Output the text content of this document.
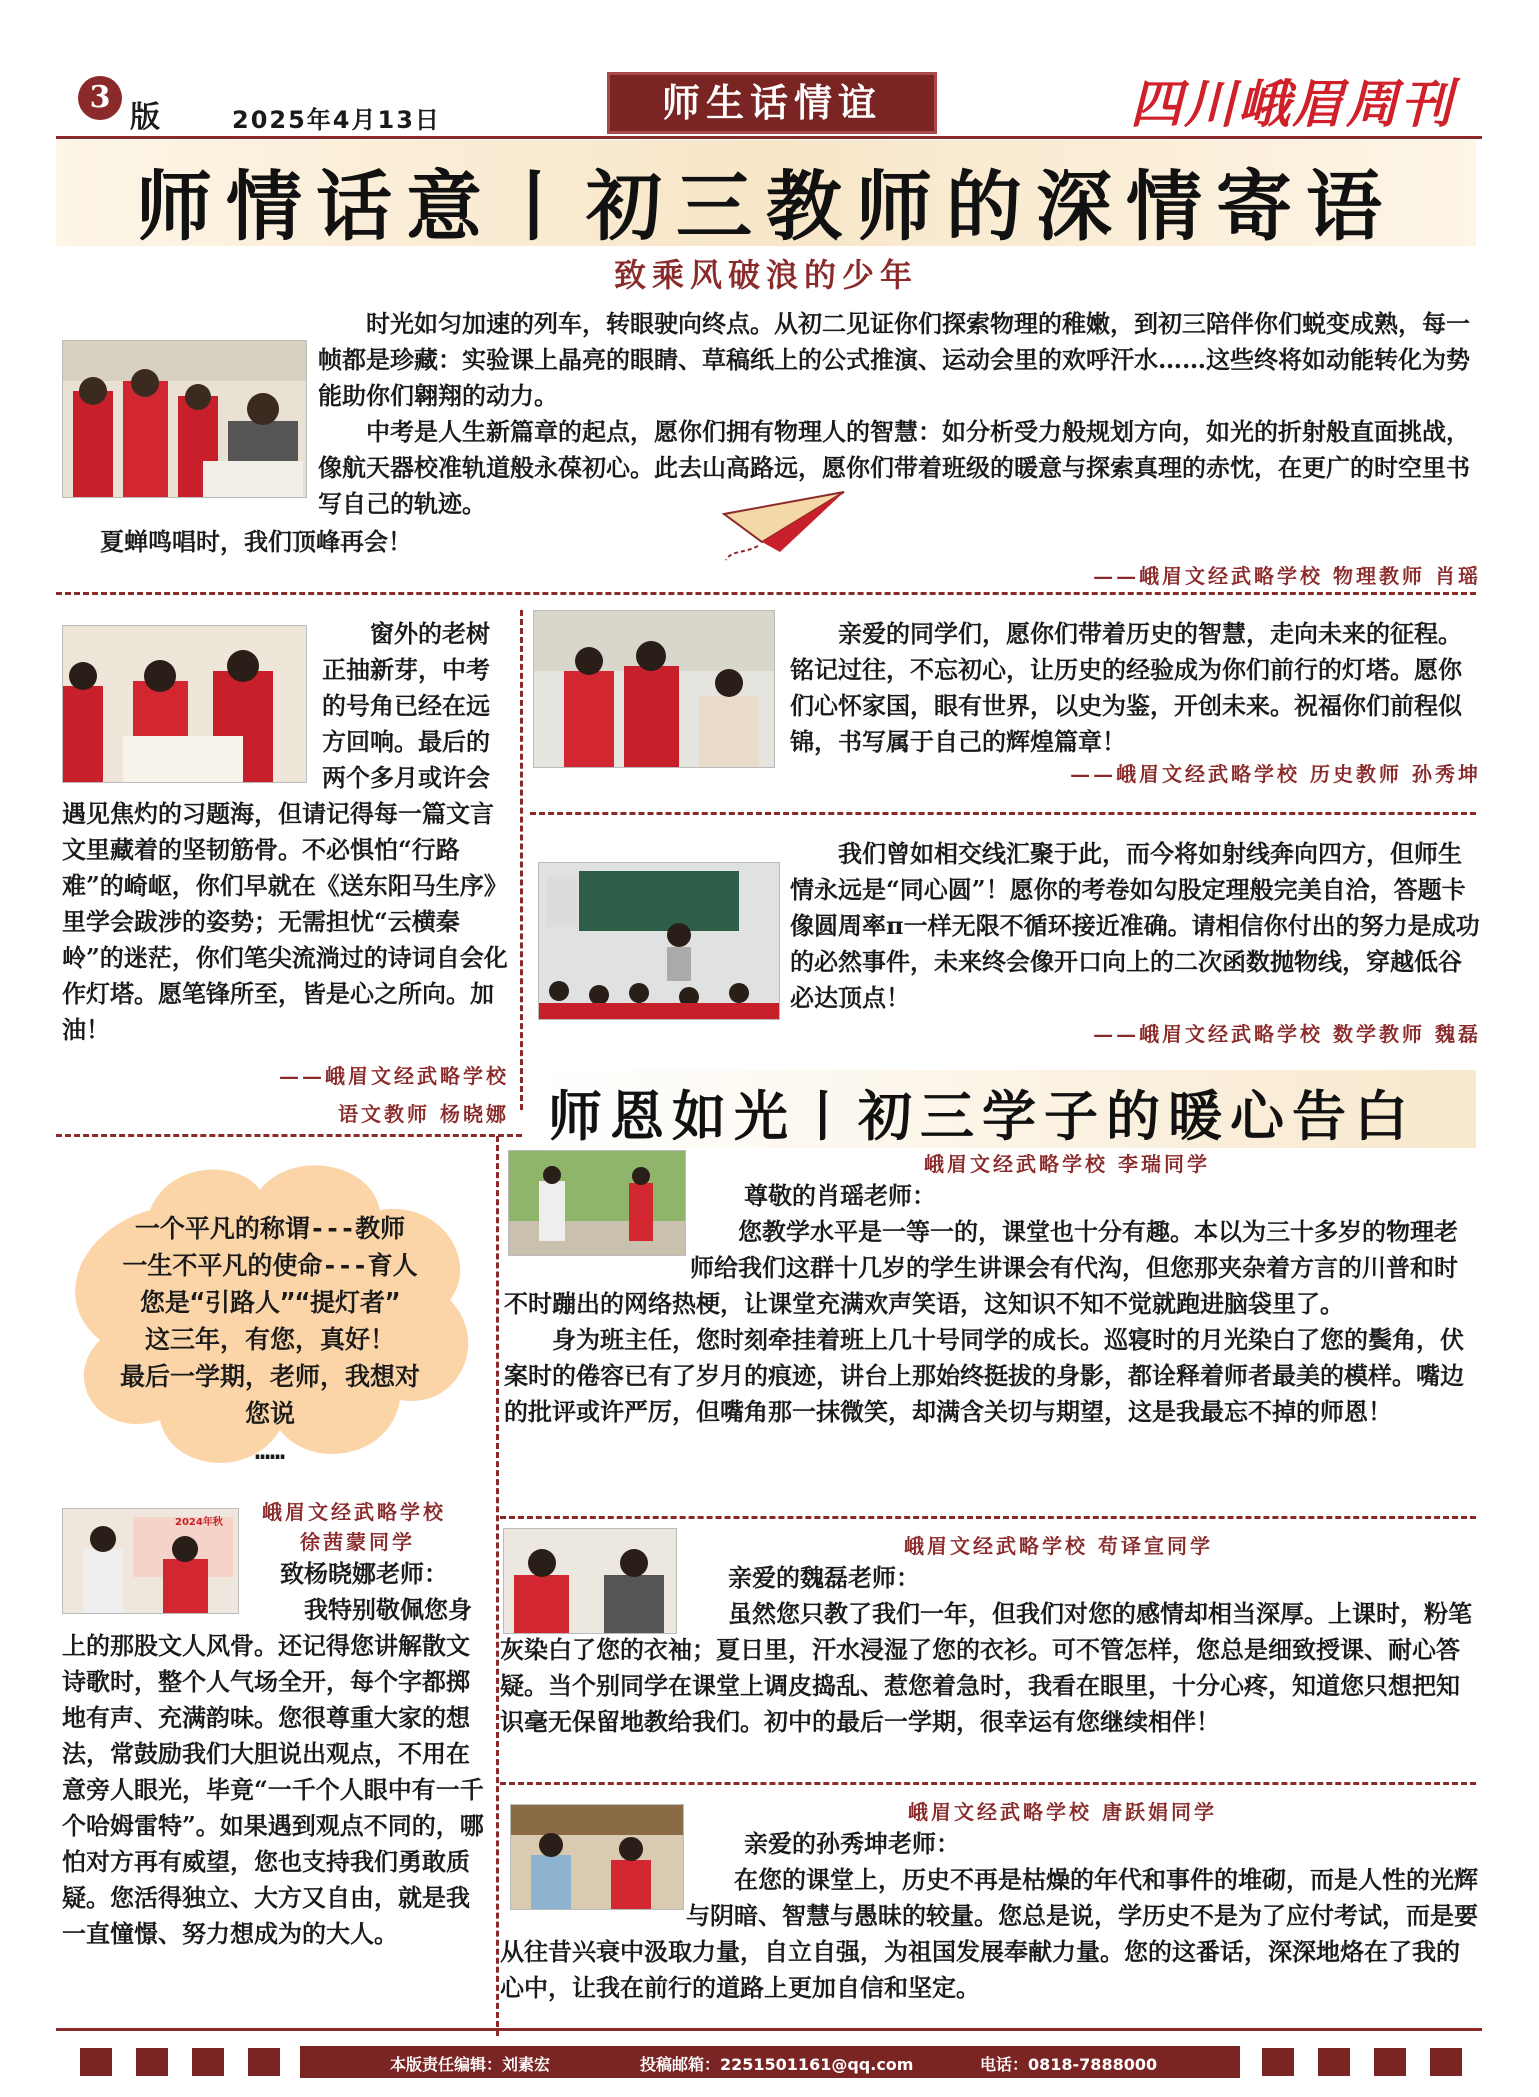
3
版	2025年4月13日	师生话情谊	四川峨眉周刊
师情话意丨初三教师的深情寄语
致乘风破浪的少年

时光如匀加速的列车，转眼驶向终点。从初二见证你们探索物理的稚嫩，到初三陪伴你们蜕变成熟，每一帧都是珍藏：实验课上晶亮的眼睛、草稿纸上的公式推演、运动会里的欢呼汗水……这些终将如动能转化为势能助你们翱翔的动力。

中考是人生新篇章的起点，愿你们拥有物理人的智慧：如分析受力般规划方向，如光的折射般直面挑战，像航天器校准轨道般永葆初心。此去山高路远，愿你们带着班级的暖意与探索真理的赤忱，在更广的时空里书写自己的轨迹。

夏蝉鸣唱时，我们顶峰再会！
——峨眉文经武略学校 物理教师 肖瑶

窗外的老树正抽新芽，中考的号角已经在远方回响。最后的两个多月或许会遇见焦灼的习题海，但请记得每一篇文言文里藏着的坚韧筋骨。不必惧怕“行路难”的崎岖，你们早就在《送东阳马生序》里学会跋涉的姿势；无需担忧“云横秦岭”的迷茫，你们笔尖流淌过的诗词自会化作灯塔。愿笔锋所至，皆是心之所向。加油！

——峨眉文经武略学校
语文教师 杨晓娜

亲爱的同学们，愿你们带着历史的智慧，走向未来的征程。铭记过往，不忘初心，让历史的经验成为你们前行的灯塔。愿你们心怀家国，眼有世界，以史为鉴，开创未来。祝福你们前程似锦，书写属于自己的辉煌篇章！

——峨眉文经武略学校 历史教师 孙秀坤

我们曾如相交线汇聚于此，而今将如射线奔向四方，但师生情永远是“同心圆”！愿你的考卷如勾股定理般完美自洽，答题卡像圆周率π一样无限不循环接近准确。请相信你付出的努力是成功的必然事件，未来终会像开口向上的二次函数抛物线，穿越低谷必达顶点！

——峨眉文经武略学校 数学教师 魏磊
师恩如光丨初三学子的暖心告白
一个平凡的称谓---教师
一生不平凡的使命---育人
您是“引路人”“提灯者”
这三年，有您，真好！
最后一学期，老师，我想对
您说
……
峨眉文经武略学校 李瑞同学
尊敬的肖瑶老师：

您教学水平是一等一的，课堂也十分有趣。本以为三十多岁的物理老师给我们这群十几岁的学生讲课会有代沟，但您那夹杂着方言的川普和时不时蹦出的网络热梗，让课堂充满欢声笑语，这知识不知不觉就跑进脑袋里了。

身为班主任，您时刻牵挂着班上几十号同学的成长。巡寝时的月光染白了您的鬓角，伏案时的倦容已有了岁月的痕迹，讲台上那始终挺拔的身影，都诠释着师者最美的模样。嘴边的批评或许严厉，但嘴角那一抹微笑，却满含关切与期望，这是我最忘不掉的师恩！

2024年秋 峨眉文经武略学校
徐茜蒙同学
致杨晓娜老师：

我特别敬佩您身上的那股文人风骨。还记得您讲解散文诗歌时，整个人气场全开，每个字都掷地有声、充满韵味。您很尊重大家的想法，常鼓励我们大胆说出观点，不用在意旁人眼光，毕竟“一千个人眼中有一千个哈姆雷特”。如果遇到观点不同的，哪怕对方再有威望，您也支持我们勇敢质疑。您活得独立、大方又自由，就是我一直憧憬、努力想成为的大人。

峨眉文经武略学校 苟译宣同学
亲爱的魏磊老师：

虽然您只教了我们一年，但我们对您的感情却相当深厚。上课时，粉笔灰染白了您的衣袖；夏日里，汗水浸湿了您的衣衫。可不管怎样，您总是细致授课、耐心答疑。当个别同学在课堂上调皮捣乱、惹您着急时，我看在眼里，十分心疼，知道您只想把知识毫无保留地教给我们。初中的最后一学期，很幸运有您继续相伴！

峨眉文经武略学校 唐跃娟同学
亲爱的孙秀坤老师：

在您的课堂上，历史不再是枯燥的年代和事件的堆砌，而是人性的光辉与阴暗、智慧与愚昧的较量。您总是说，学历史不是为了应付考试，而是要从往昔兴衰中汲取力量，自立自强，为祖国发展奉献力量。您的这番话，深深地烙在了我的心中，让我在前行的道路上更加自信和坚定。

本版责任编辑：刘素宏	投稿邮箱：2251501161@qq.com	电话：0818-7888000
